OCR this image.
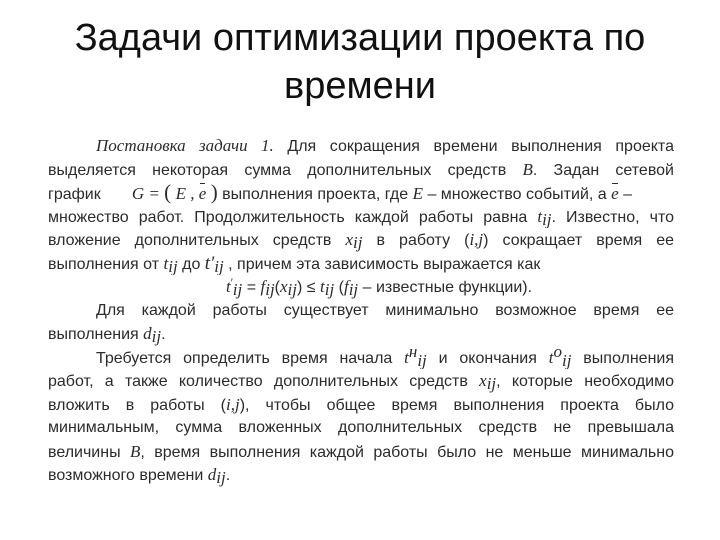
Задачи оптимизации проекта по
времени
Постановка задачи 1. Для сокращения времени выполнения проекта
выделяется некоторая сумма дополнительных средств B. Задан сетевой
график G = ( E , e ) выполнения проекта, где E – множество событий, а e –
множество работ. Продолжительность каждой работы равна $t_{ij}$. Известно, что
вложение дополнительных средств $x_{ij}$ в работу (i,j) сокращает время ее
выполнения от $t_{ij}$ до $t'_{ij}$ , причем эта зависимость выражается как
$t'_{ij} = f_{ij}(x_{ij}) \le t_{ij}$ ($f_{ij}$ – известные функции).
Для каждой работы существует минимально возможное время ее
выполнения $d_{ij}$.
Требуется определить время начала $t^н_{ij}$ и окончания $t^о_{ij}$ выполнения
работ, а также количество дополнительных средств $x_{ij}$, которые необходимо
вложить в работы (i,j), чтобы общее время выполнения проекта было
минимальным, сумма вложенных дополнительных средств не превышала
величины B, время выполнения каждой работы было не меньше минимально
возможного времени $d_{ij}$.
